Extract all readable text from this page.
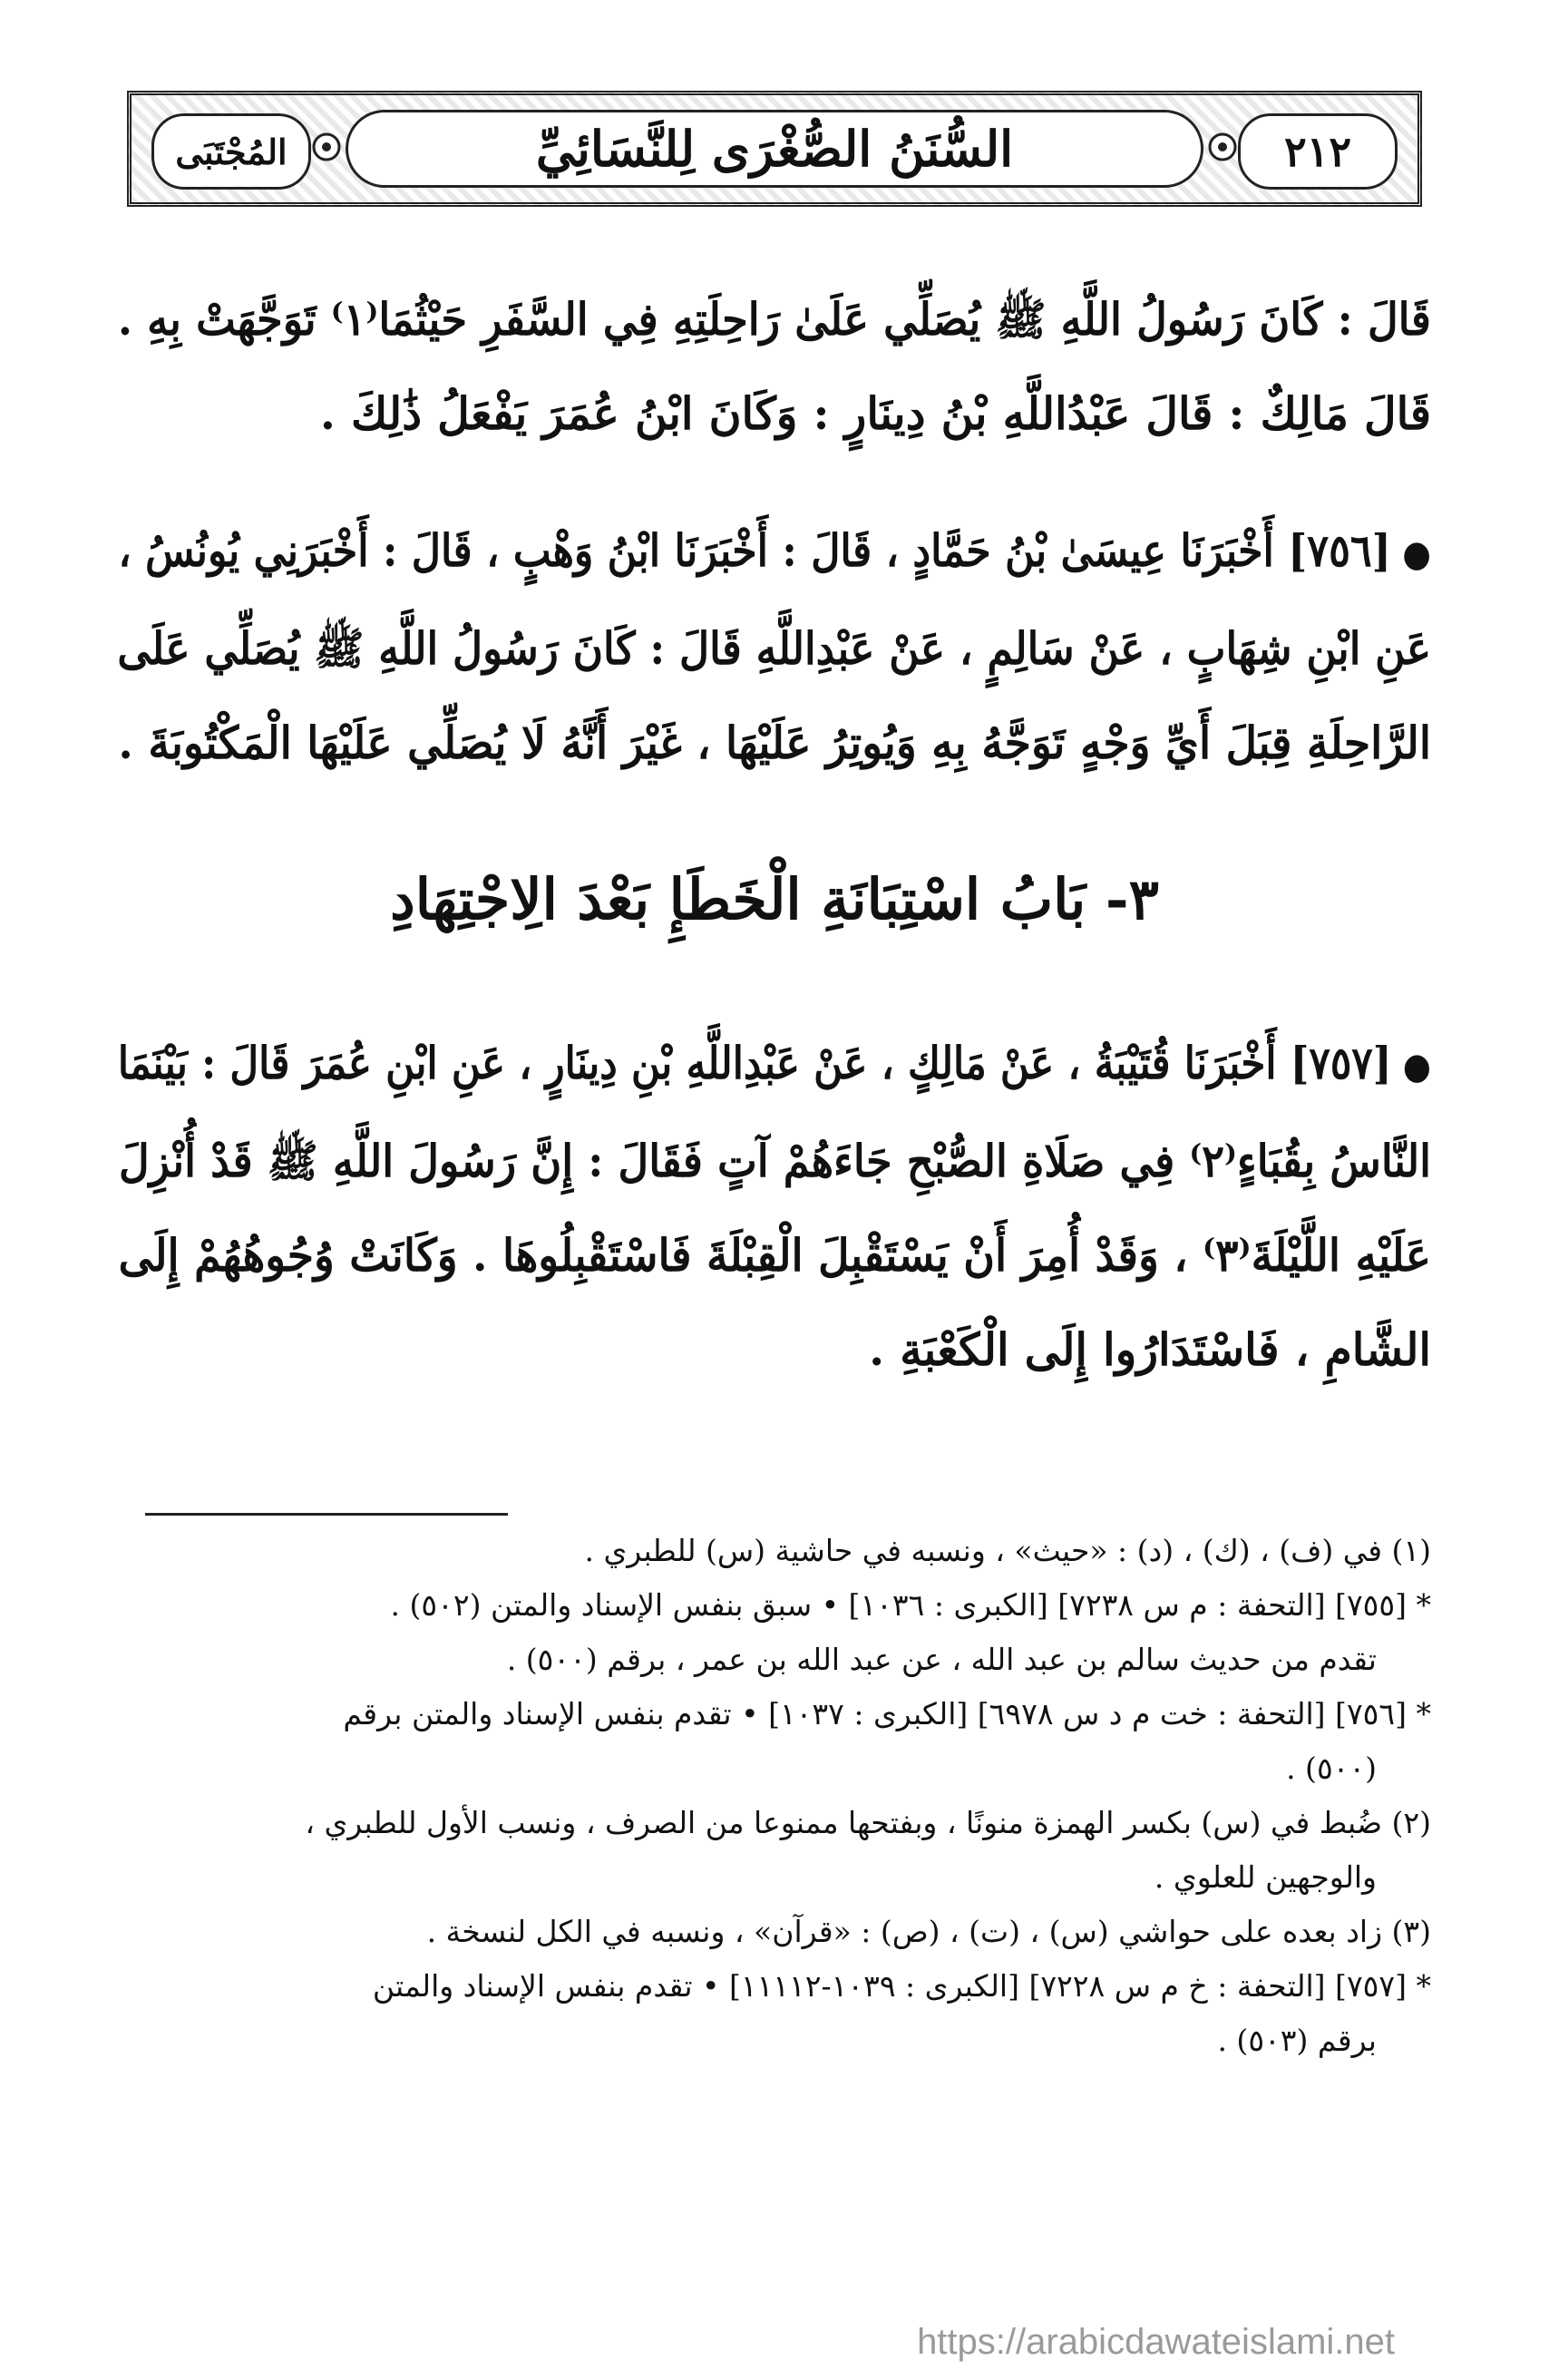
المُجْتَبَى	السُّنَنُ الصُّغْرَى لِلنَّسَائِيِّ	٢١٢
قَالَ : كَانَ رَسُولُ اللَّهِ ﷺ يُصَلِّي عَلَىٰ رَاحِلَتِهِ فِي السَّفَرِ حَيْثُمَا⁽١⁾ تَوَجَّهَتْ بِهِ .
قَالَ مَالِكٌ : قَالَ عَبْدُاللَّهِ بْنُ دِينَارٍ : وَكَانَ ابْنُ عُمَرَ يَفْعَلُ ذَٰلِكَ .
●[٧٥٦] أَخْبَرَنَا عِيسَىٰ بْنُ حَمَّادٍ ، قَالَ : أَخْبَرَنَا ابْنُ وَهْبٍ ، قَالَ : أَخْبَرَنِي يُونُسُ ،
عَنِ ابْنِ شِهَابٍ ، عَنْ سَالِمٍ ، عَنْ عَبْدِاللَّهِ قَالَ : كَانَ رَسُولُ اللَّهِ ﷺ يُصَلِّي عَلَى
الرَّاحِلَةِ قِبَلَ أَيِّ وَجْهٍ تَوَجَّهُ بِهِ وَيُوتِرُ عَلَيْهَا ، غَيْرَ أَنَّهُ لَا يُصَلِّي عَلَيْهَا الْمَكْتُوبَةَ .
٣- بَابُ اسْتِبَانَةِ الْخَطَإِ بَعْدَ الِاجْتِهَادِ
●[٧٥٧] أَخْبَرَنَا قُتَيْبَةُ ، عَنْ مَالِكٍ ، عَنْ عَبْدِاللَّهِ بْنِ دِينَارٍ ، عَنِ ابْنِ عُمَرَ قَالَ : بَيْنَمَا
النَّاسُ بِقُبَاءٍ⁽٢⁾ فِي صَلَاةِ الصُّبْحِ جَاءَهُمْ آتٍ فَقَالَ : إِنَّ رَسُولَ اللَّهِ ﷺ قَدْ أُنْزِلَ
عَلَيْهِ اللَّيْلَةَ⁽٣⁾ ، وَقَدْ أُمِرَ أَنْ يَسْتَقْبِلَ الْقِبْلَةَ فَاسْتَقْبِلُوهَا . وَكَانَتْ وُجُوهُهُمْ إِلَى
الشَّامِ ، فَاسْتَدَارُوا إِلَى الْكَعْبَةِ .
(١) في (ف) ، (ك) ، (د) : «حيث» ، ونسبه في حاشية (س) للطبري .
* [٧٥٥] [التحفة : م س ٧٢٣٨] [الكبرى : ١٠٣٦] • سبق بنفس الإسناد والمتن (٥٠٢) .
تقدم من حديث سالم بن عبد الله ، عن عبد الله بن عمر ، برقم (٥٠٠) .
* [٧٥٦] [التحفة : خت م د س ٦٩٧٨] [الكبرى : ١٠٣٧] • تقدم بنفس الإسناد والمتن برقم
(٥٠٠) .
(٢) ضُبط في (س) بكسر الهمزة منونًا ، وبفتحها ممنوعا من الصرف ، ونسب الأول للطبري ،
والوجهين للعلوي .
(٣) زاد بعده على حواشي (س) ، (ت) ، (ص) : «قرآن» ، ونسبه في الكل لنسخة .
* [٧٥٧] [التحفة : خ م س ٧٢٢٨] [الكبرى : ١٠٣٩-١١١١٢] • تقدم بنفس الإسناد والمتن
برقم (٥٠٣) .
https://arabicdawateislami.net
